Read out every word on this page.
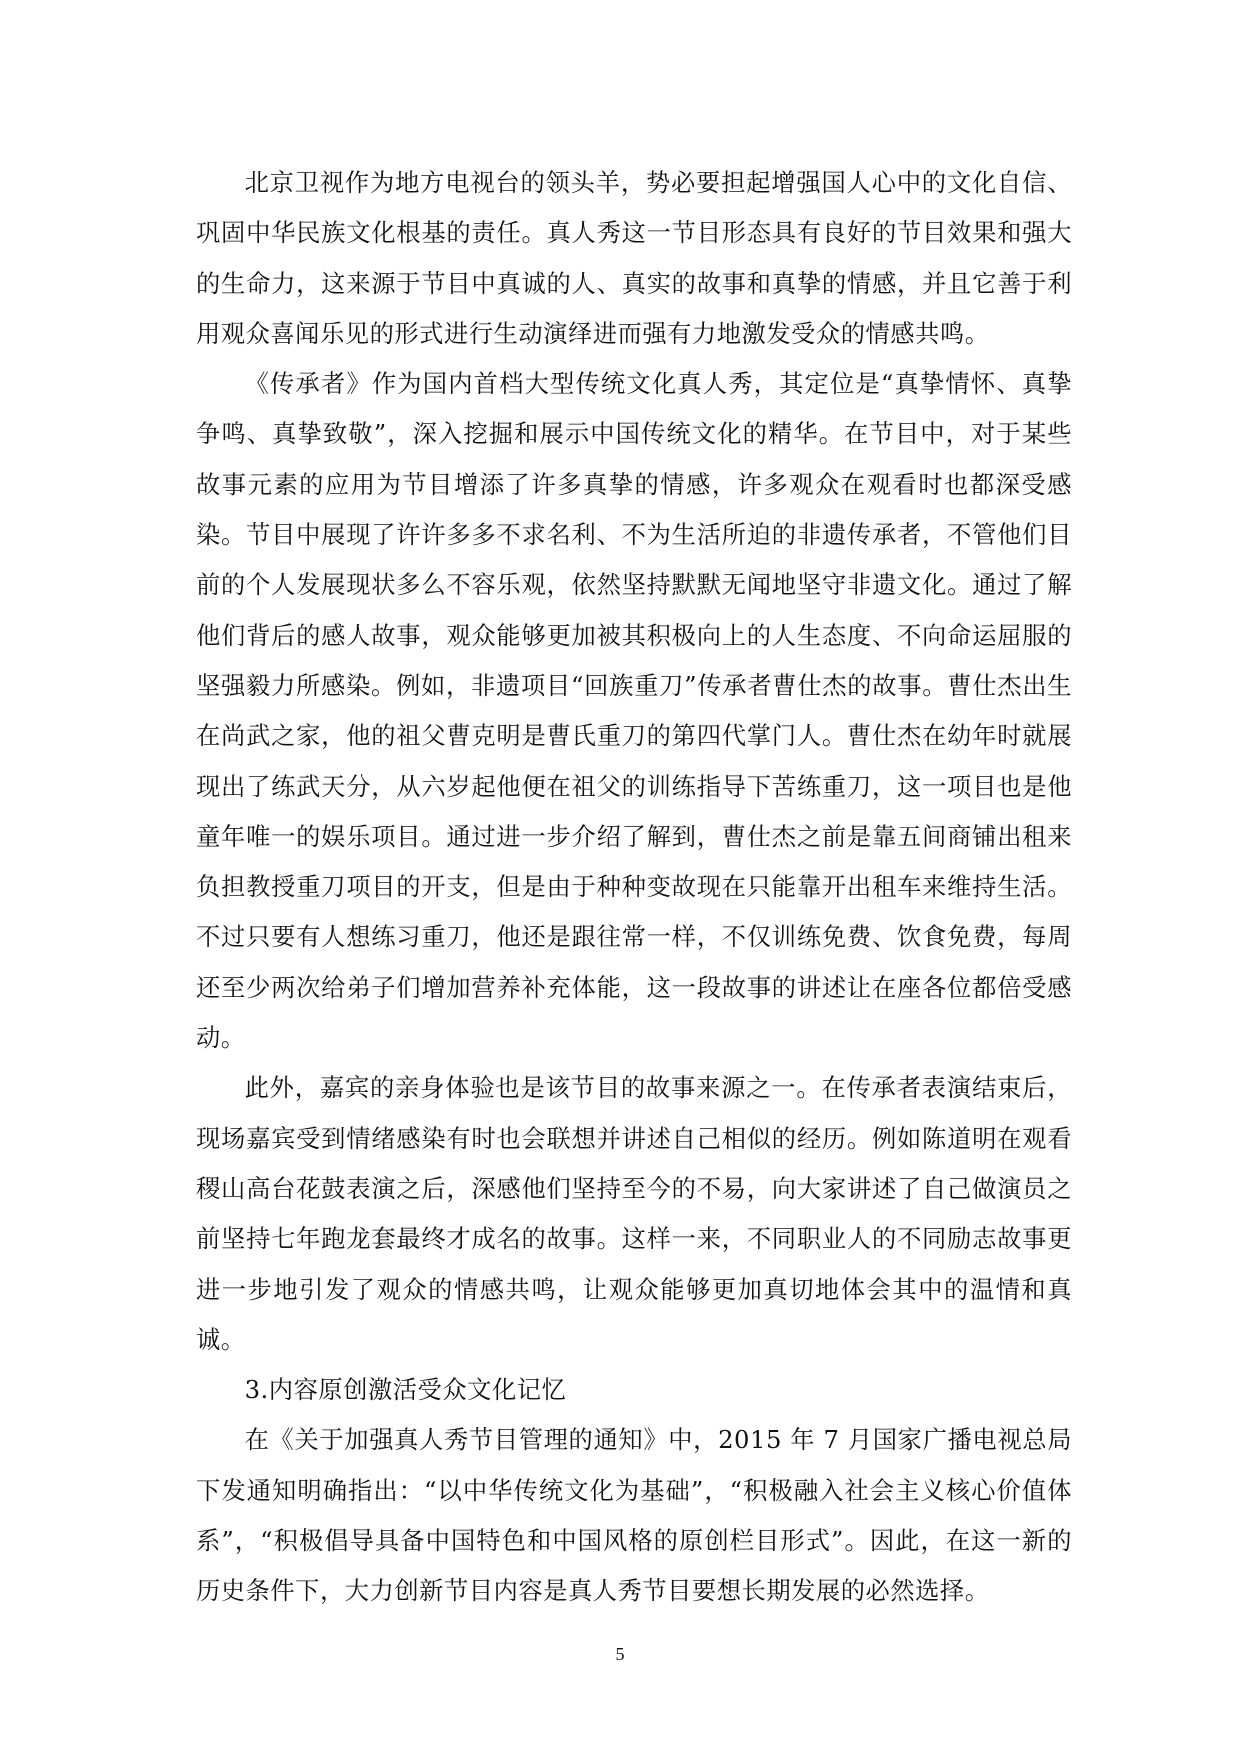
北京卫视作为地方电视台的领头羊，势必要担起增强国人心中的文化自信、巩固中华民族文化根基的责任。真人秀这一节目形态具有良好的节目效果和强大的生命力，这来源于节目中真诚的人、真实的故事和真挚的情感，并且它善于利用观众喜闻乐见的形式进行生动演绎进而强有力地激发受众的情感共鸣。

《传承者》作为国内首档大型传统文化真人秀，其定位是“真挚情怀、真挚争鸣、真挚致敬”，深入挖掘和展示中国传统文化的精华。在节目中，对于某些故事元素的应用为节目增添了许多真挚的情感，许多观众在观看时也都深受感染。节目中展现了许许多多不求名利、不为生活所迫的非遗传承者，不管他们目前的个人发展现状多么不容乐观，依然坚持默默无闻地坚守非遗文化。通过了解他们背后的感人故事，观众能够更加被其积极向上的人生态度、不向命运屈服的坚强毅力所感染。例如，非遗项目“回族重刀”传承者曹仕杰的故事。曹仕杰出生在尚武之家，他的祖父曹克明是曹氏重刀的第四代掌门人。曹仕杰在幼年时就展现出了练武天分，从六岁起他便在祖父的训练指导下苦练重刀，这一项目也是他童年唯一的娱乐项目。通过进一步介绍了解到，曹仕杰之前是靠五间商铺出租来负担教授重刀项目的开支，但是由于种种变故现在只能靠开出租车来维持生活。不过只要有人想练习重刀，他还是跟往常一样，不仅训练免费、饮食免费，每周还至少两次给弟子们增加营养补充体能，这一段故事的讲述让在座各位都倍受感动。

此外，嘉宾的亲身体验也是该节目的故事来源之一。在传承者表演结束后，现场嘉宾受到情绪感染有时也会联想并讲述自己相似的经历。例如陈道明在观看稷山高台花鼓表演之后，深感他们坚持至今的不易，向大家讲述了自己做演员之前坚持七年跑龙套最终才成名的故事。这样一来，不同职业人的不同励志故事更进一步地引发了观众的情感共鸣，让观众能够更加真切地体会其中的温情和真诚。

3.内容原创激活受众文化记忆

在《关于加强真人秀节目管理的通知》中，2015 年 7 月国家广播电视总局下发通知明确指出：“以中华传统文化为基础”，“积极融入社会主义核心价值体系”，“积极倡导具备中国特色和中国风格的原创栏目形式”。因此，在这一新的历史条件下，大力创新节目内容是真人秀节目要想长期发展的必然选择。

5
